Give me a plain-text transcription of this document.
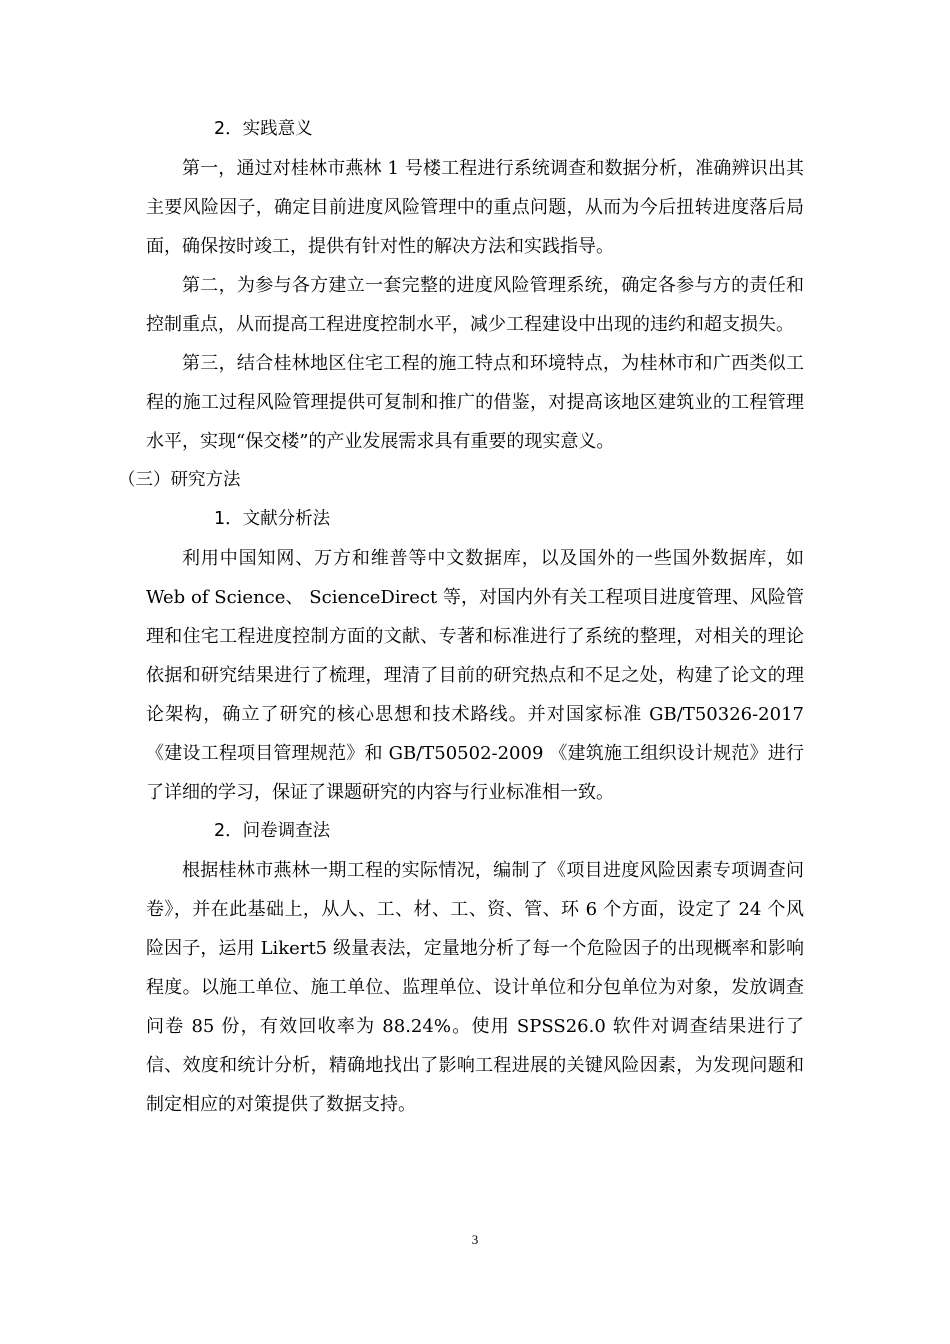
2．实践意义

第一，通过对桂林市燕林 1 号楼工程进行系统调查和数据分析，准确辨识出其主要风险因子，确定目前进度风险管理中的重点问题，从而为今后扭转进度落后局面，确保按时竣工，提供有针对性的解决方法和实践指导。

第二，为参与各方建立一套完整的进度风险管理系统，确定各参与方的责任和控制重点，从而提高工程进度控制水平，减少工程建设中出现的违约和超支损失。

第三，结合桂林地区住宅工程的施工特点和环境特点，为桂林市和广西类似工程的施工过程风险管理提供可复制和推广的借鉴，对提高该地区建筑业的工程管理水平，实现“保交楼”的产业发展需求具有重要的现实意义。

（三）研究方法

1．文献分析法

利用中国知网、万方和维普等中文数据库，以及国外的一些国外数据库，如 Web of Science、 ScienceDirect 等，对国内外有关工程项目进度管理、风险管理和住宅工程进度控制方面的文献、专著和标准进行了系统的整理，对相关的理论依据和研究结果进行了梳理，理清了目前的研究热点和不足之处，构建了论文的理论架构，确立了研究的核心思想和技术路线。并对国家标准 GB/T50326-2017 《建设工程项目管理规范》和 GB/T50502-2009 《建筑施工组织设计规范》进行了详细的学习，保证了课题研究的内容与行业标准相一致。

2．问卷调查法

根据桂林市燕林一期工程的实际情况，编制了《项目进度风险因素专项调查问卷》，并在此基础上，从人、工、材、工、资、管、环 6 个方面，设定了 24 个风险因子，运用 Likert5 级量表法，定量地分析了每一个危险因子的出现概率和影响程度。以施工单位、施工单位、监理单位、设计单位和分包单位为对象，发放调查问卷 85 份，有效回收率为 88.24%。使用 SPSS26.0 软件对调查结果进行了信、效度和统计分析，精确地找出了影响工程进展的关键风险因素，为发现问题和制定相应的对策提供了数据支持。

3
